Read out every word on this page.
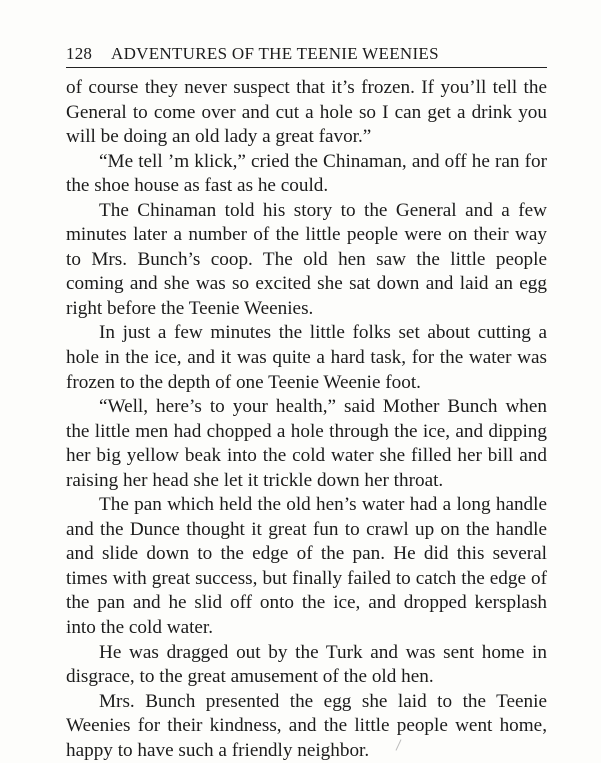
128	ADVENTURES OF THE TEENIE WEENIES

of course they never suspect that it’s frozen. If you’ll tell the General to come over and cut a hole so I can get a drink you will be doing an old lady a great favor.”

“Me tell ’m klick,” cried the Chinaman, and off he ran for the shoe house as fast as he could.

The Chinaman told his story to the General and a few minutes later a number of the little people were on their way to Mrs. Bunch’s coop. The old hen saw the little people coming and she was so excited she sat down and laid an egg right before the Teenie Weenies.

In just a few minutes the little folks set about cutting a hole in the ice, and it was quite a hard task, for the water was frozen to the depth of one Teenie Weenie foot.

“Well, here’s to your health,” said Mother Bunch when the little men had chopped a hole through the ice, and dipping her big yellow beak into the cold water she filled her bill and raising her head she let it trickle down her throat.

The pan which held the old hen’s water had a long handle and the Dunce thought it great fun to crawl up on the handle and slide down to the edge of the pan. He did this several times with great success, but finally failed to catch the edge of the pan and he slid off onto the ice, and dropped kersplash into the cold water.

He was dragged out by the Turk and was sent home in disgrace, to the great amusement of the old hen.

Mrs. Bunch presented the egg she laid to the Teenie Weenies for their kindness, and the little people went home, happy to have such a friendly neighbor.
